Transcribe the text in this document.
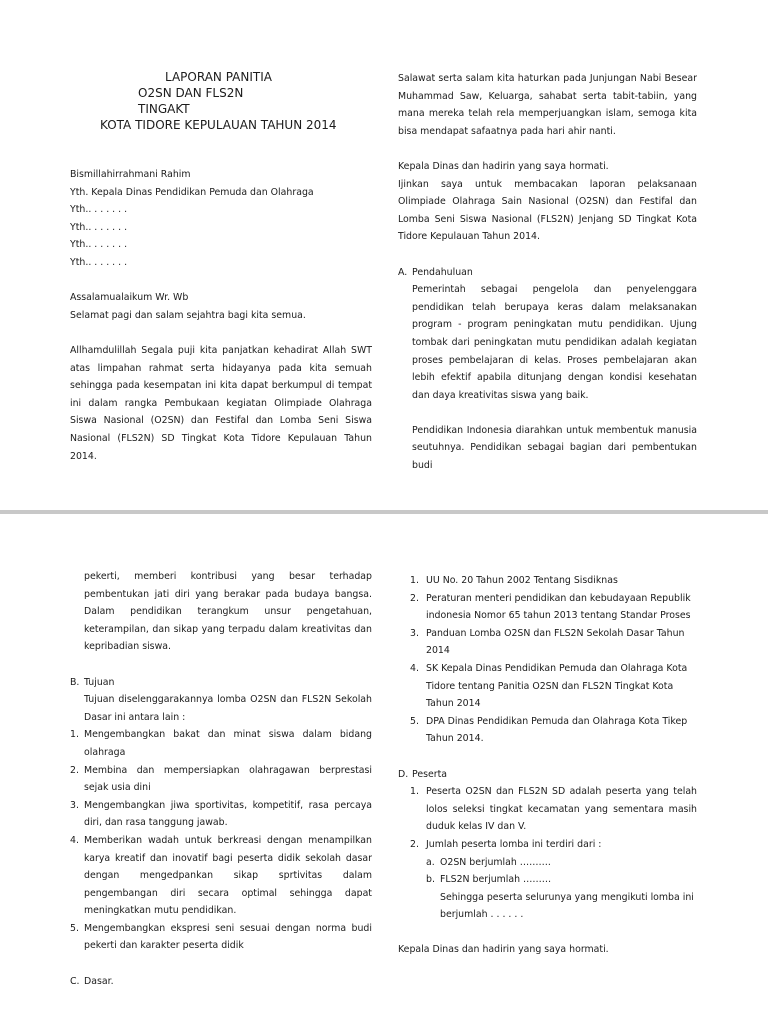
LAPORAN PANITIA
O2SN DAN FLS2N
TINGAKT
KOTA TIDORE KEPULAUAN TAHUN 2014

Bismillahirrahmani Rahim

Yth. Kepala Dinas Pendidikan Pemuda dan Olahraga

Yth.. . . . . . .

Yth.. . . . . . .

Yth.. . . . . . .

Yth.. . . . . . .

Assalamualaikum Wr. Wb

Selamat pagi dan salam sejahtra bagi kita semua.

Allhamdulillah Segala puji kita panjatkan kehadirat Allah SWT atas limpahan rahmat serta hidayanya pada kita semuah sehingga pada kesempatan ini kita dapat berkumpul di tempat ini dalam rangka Pembukaan kegiatan Olimpiade Olahraga Siswa Nasional (O2SN) dan Festifal dan Lomba Seni Siswa Nasional (FLS2N) SD Tingkat Kota Tidore Kepulauan Tahun 2014.

Salawat serta salam kita haturkan pada Junjungan Nabi Besear Muhammad Saw, Keluarga, sahabat serta tabit-tabiin, yang mana mereka telah rela memperjuangkan islam, semoga kita bisa mendapat safaatnya pada hari ahir nanti.

Kepala Dinas dan hadirin yang saya hormati.

Ijinkan saya untuk membacakan laporan pelaksanaan Olimpiade Olahraga Sain Nasional (O2SN) dan Festifal dan Lomba Seni Siswa Nasional (FLS2N) Jenjang SD Tingkat Kota Tidore Kepulauan Tahun 2014.

A. Pendahuluan

Pemerintah sebagai pengelola dan penyelenggara pendidikan telah berupaya keras dalam melaksanakan program - program peningkatan mutu pendidikan. Ujung tombak dari peningkatan mutu pendidikan adalah kegiatan proses pembelajaran di kelas. Proses pembelajaran akan lebih efektif apabila ditunjang dengan kondisi kesehatan dan daya kreativitas siswa yang baik.

Pendidikan Indonesia diarahkan untuk membentuk manusia seutuhnya. Pendidikan sebagai bagian dari pembentukan budi

pekerti, memberi kontribusi yang besar terhadap pembentukan jati diri yang berakar pada budaya bangsa. Dalam pendidikan terangkum unsur pengetahuan, keterampilan, dan sikap yang terpadu dalam kreativitas dan kepribadian siswa.

B. Tujuan

Tujuan diselenggarakannya lomba O2SN dan FLS2N Sekolah Dasar ini antara lain :

1. Mengembangkan bakat dan minat siswa dalam bidang olahraga
2. Membina dan mempersiapkan olahragawan berprestasi sejak usia dini
3. Mengembangkan jiwa sportivitas, kompetitif, rasa percaya diri, dan rasa tanggung jawab.
4. Memberikan wadah untuk berkreasi dengan menampilkan karya kreatif dan inovatif bagi peserta didik sekolah dasar dengan mengedpankan sikap sprtivitas dalam pengembangan diri secara optimal sehingga dapat meningkatkan mutu pendidikan.
5. Mengembangkan ekspresi seni sesuai dengan norma budi pekerti dan karakter peserta didik
C. Dasar.
1. UU No. 20 Tahun 2002 Tentang Sisdiknas
2. Peraturan menteri pendidikan dan kebudayaan Republik indonesia Nomor 65 tahun 2013 tentang Standar Proses
3. Panduan Lomba O2SN dan FLS2N Sekolah Dasar Tahun 2014
4. SK Kepala Dinas Pendidikan Pemuda dan Olahraga Kota Tidore tentang Panitia O2SN dan FLS2N Tingkat Kota Tahun 2014
5. DPA Dinas Pendidikan Pemuda dan Olahraga Kota Tikep Tahun 2014.
D. Peserta
1. Peserta O2SN dan FLS2N SD adalah peserta yang telah lolos seleksi tingkat kecamatan yang sementara masih duduk kelas IV dan V.
2. Jumlah peserta lomba ini terdiri dari :
a. O2SN berjumlah ……….
b. FLS2N berjumlah ………

Sehingga peserta selurunya yang mengikuti lomba ini berjumlah . . . . . .

Kepala Dinas dan hadirin yang saya hormati.
